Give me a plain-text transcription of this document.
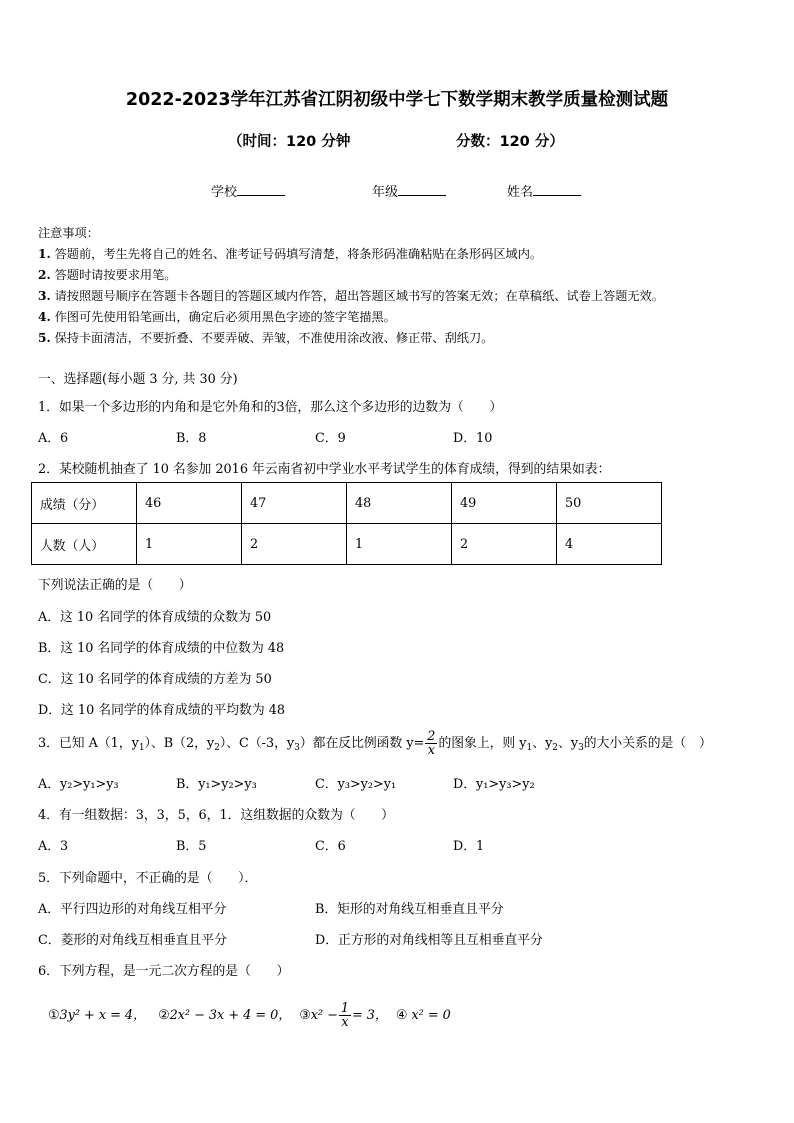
2022-2023学年江苏省江阴初级中学七下数学期末教学质量检测试题
（时间：120 分钟	分数：120 分）
学校	年级	姓名
注意事项：
1. 答题前，考生先将自己的姓名、准考证号码填写清楚，将条形码准确粘贴在条形码区域内。
2. 答题时请按要求用笔。
3. 请按照题号顺序在答题卡各题目的答题区域内作答，超出答题区域书写的答案无效；在草稿纸、试卷上答题无效。
4. 作图可先使用铅笔画出，确定后必须用黑色字迹的签字笔描黑。
5. 保持卡面清洁，不要折叠、不要弄破、弄皱，不准使用涂改液、修正带、刮纸刀。
一、选择题(每小题 3 分, 共 30 分)
1．如果一个多边形的内角和是它外角和的3倍，那么这个多边形的边数为（　　）
A．6	B．8	C．9	D．10
2．某校随机抽查了 10 名参加 2016 年云南省初中学业水平考试学生的体育成绩，得到的结果如表：
成绩（分）	46	47	48	49	50
人数（人）	1	2	1	2	4
下列说法正确的是（　　）
A．这 10 名同学的体育成绩的众数为 50
B．这 10 名同学的体育成绩的中位数为 48
C．这 10 名同学的体育成绩的方差为 50
D．这 10 名同学的体育成绩的平均数为 48
3．已知 A（1，$y_1$）、B（2，$y_2$）、C（-3，$y_3$）都在反比例函数 $y= \frac{2}{x}$ 的图象上，则 $y_1$、$y_2$、$y_3$的大小关系的是（　）
A．y₂>y₁>y₃	B．y₁>y₂>y₃	C．y₃>y₂>y₁	D．y₁>y₃>y₂
4．有一组数据：3，3，5，6，1．这组数据的众数为（　　）
A．3	B．5	C．6	D．1
5．下列命题中，不正确的是（　　）．
A．平行四边形的对角线互相平分	B．矩形的对角线互相垂直且平分
C．菱形的对角线互相垂直且平分	D．正方形的对角线相等且互相垂直平分
6．下列方程，是一元二次方程的是（　　）
①3y² + x = 4， ②2x² − 3x + 4 = 0， ③x² − $\frac{1}{x} = 3$， ④ x² = 0
